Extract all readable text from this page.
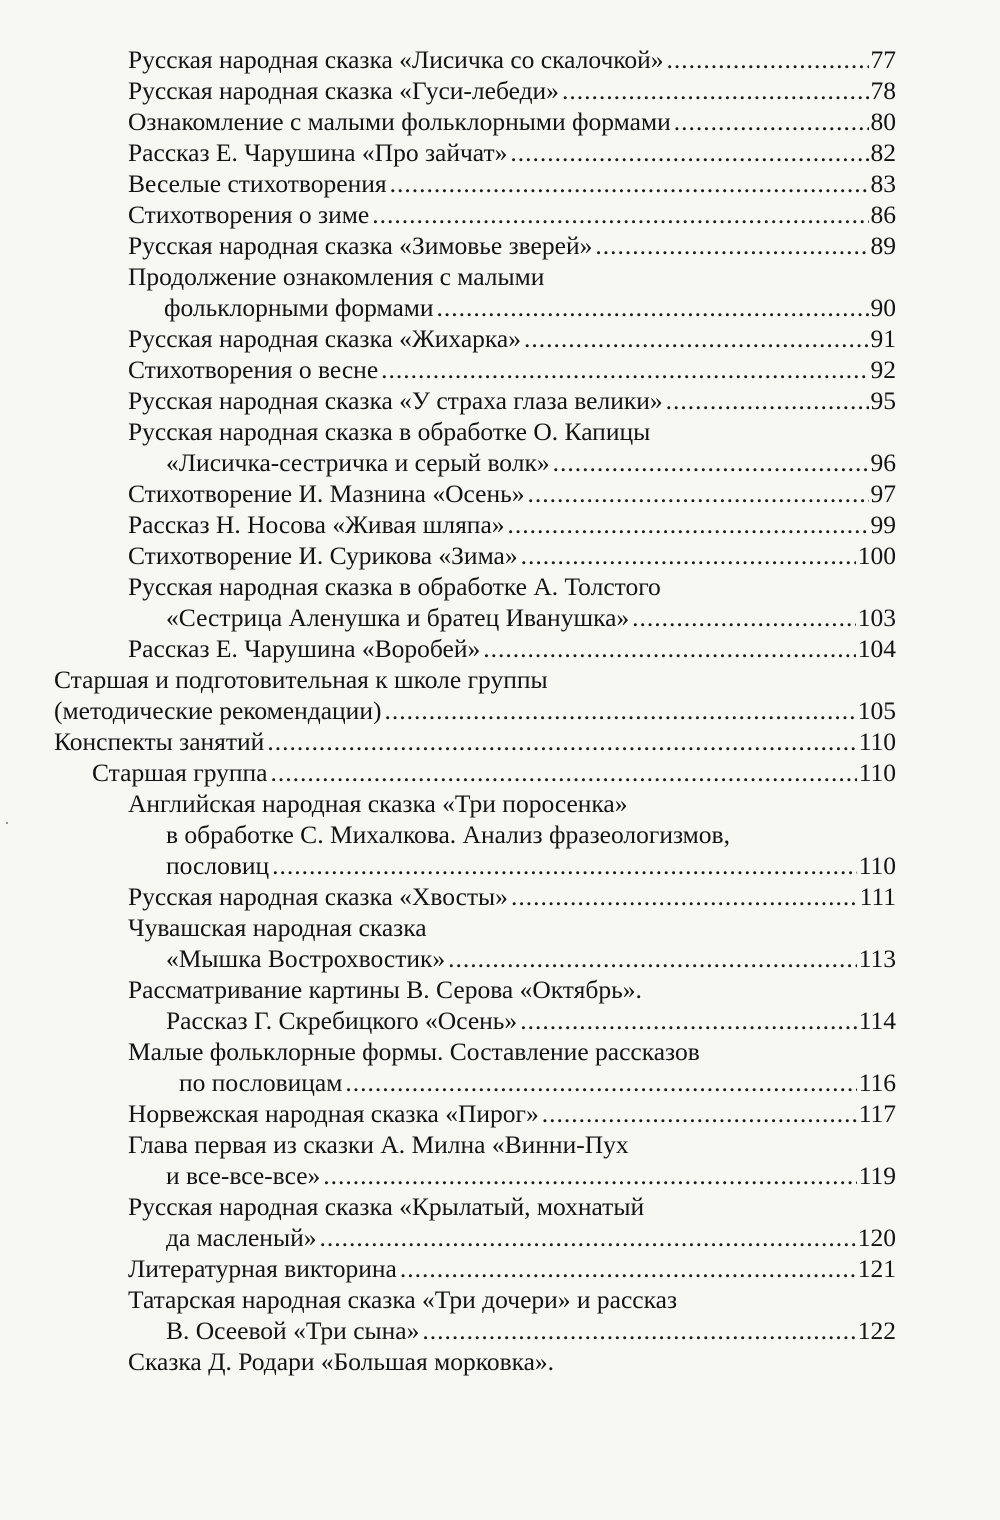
Русская народная сказка «Лисичка со скалочкой» .....	77
Русская народная сказка «Гуси-лебеди» .....	78
Ознакомление с малыми фольклорными формами .....	80
Рассказ Е. Чарушина «Про зайчат» .....	82
Веселые стихотворения .....	83
Стихотворения о зиме .....	86
Русская народная сказка «Зимовье зверей» .....	89
Продолжение ознакомления с малыми
фольклорными формами .....	90
Русская народная сказка «Жихарка» .....	91
Стихотворения о весне .....	92
Русская народная сказка «У страха глаза велики» .....	95
Русская народная сказка в обработке О. Капицы
«Лисичка-сестричка и серый волк» .....	96
Стихотворение И. Мазнина «Осень» .....	97
Рассказ Н. Носова «Живая шляпа» .....	99
Стихотворение И. Сурикова «Зима» .....	100
Русская народная сказка в обработке А. Толстого
«Сестрица Аленушка и братец Иванушка» .....	103
Рассказ Е. Чарушина «Воробей» .....	104
Старшая и подготовительная к школе группы
(методические рекомендации) .....	105
Конспекты занятий .....	110
Старшая группа .....	110
Английская народная сказка «Три поросенка»
в обработке С. Михалкова. Анализ фразеологизмов,
пословиц .....	110
Русская народная сказка «Хвосты» .....	111
Чувашская народная сказка
«Мышка Вострохвостик» .....	113
Рассматривание картины В. Серова «Октябрь».
Рассказ Г. Скребицкого «Осень» .....	114
Малые фольклорные формы. Составление рассказов
по пословицам .....	116
Норвежская народная сказка «Пирог» .....	117
Глава первая из сказки А. Милна «Винни-Пух
и все-все-все» .....	119
Русская народная сказка «Крылатый, мохнатый
да масленый» .....	120
Литературная викторина .....	121
Татарская народная сказка «Три дочери» и рассказ
В. Осеевой «Три сына» .....	122
Сказка Д. Родари «Большая морковка».
